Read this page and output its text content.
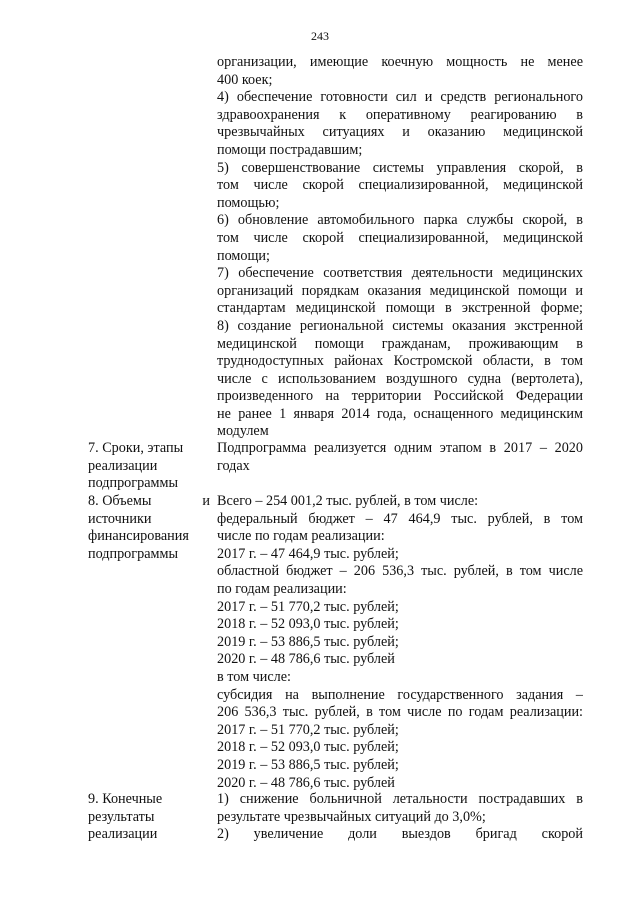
243
организации, имеющие коечную мощность не менее
400 коек;
4) обеспечение готовности сил и средств регионального
здравоохранения к оперативному реагированию в
чрезвычайных ситуациях и оказанию медицинской
помощи пострадавшим;
5) совершенствование системы управления скорой, в
том числе скорой специализированной, медицинской
помощью;
6) обновление автомобильного парка службы скорой, в
том числе скорой специализированной, медицинской
помощи;
7) обеспечение соответствия деятельности медицинских
организаций порядкам оказания медицинской помощи и
стандартам медицинской помощи в экстренной форме;
8) создание региональной системы оказания экстренной
медицинской помощи гражданам, проживающим в
труднодоступных районах Костромской области, в том
числе с использованием воздушного судна (вертолета),
произведенного на территории Российской Федерации
не ранее 1 января 2014 года, оснащенного медицинским
модулем
7. Сроки, этапы
реализации
подпрограммы
Подпрограмма реализуется одним этапом в 2017 – 2020
годах
8. Объемы	и
источники
финансирования
подпрограммы
Всего – 254 001,2 тыс. рублей, в том числе:
федеральный бюджет – 47 464,9 тыс. рублей, в том
числе по годам реализации:
2017 г. – 47 464,9 тыс. рублей;
областной бюджет – 206 536,3 тыс. рублей, в том числе
по годам реализации:
2017 г. – 51 770,2 тыс. рублей;
2018 г. – 52 093,0 тыс. рублей;
2019 г. – 53 886,5 тыс. рублей;
2020 г. – 48 786,6 тыс. рублей
в том числе:
субсидия на выполнение государственного задания –
206 536,3 тыс. рублей, в том числе по годам реализации:
2017 г. – 51 770,2 тыс. рублей;
2018 г. – 52 093,0 тыс. рублей;
2019 г. – 53 886,5 тыс. рублей;
2020 г. – 48 786,6 тыс. рублей
9. Конечные
результаты
реализации
1) снижение больничной летальности пострадавших в
результате чрезвычайных ситуаций до 3,0%;
2) увеличение доли выездов бригад скорой
